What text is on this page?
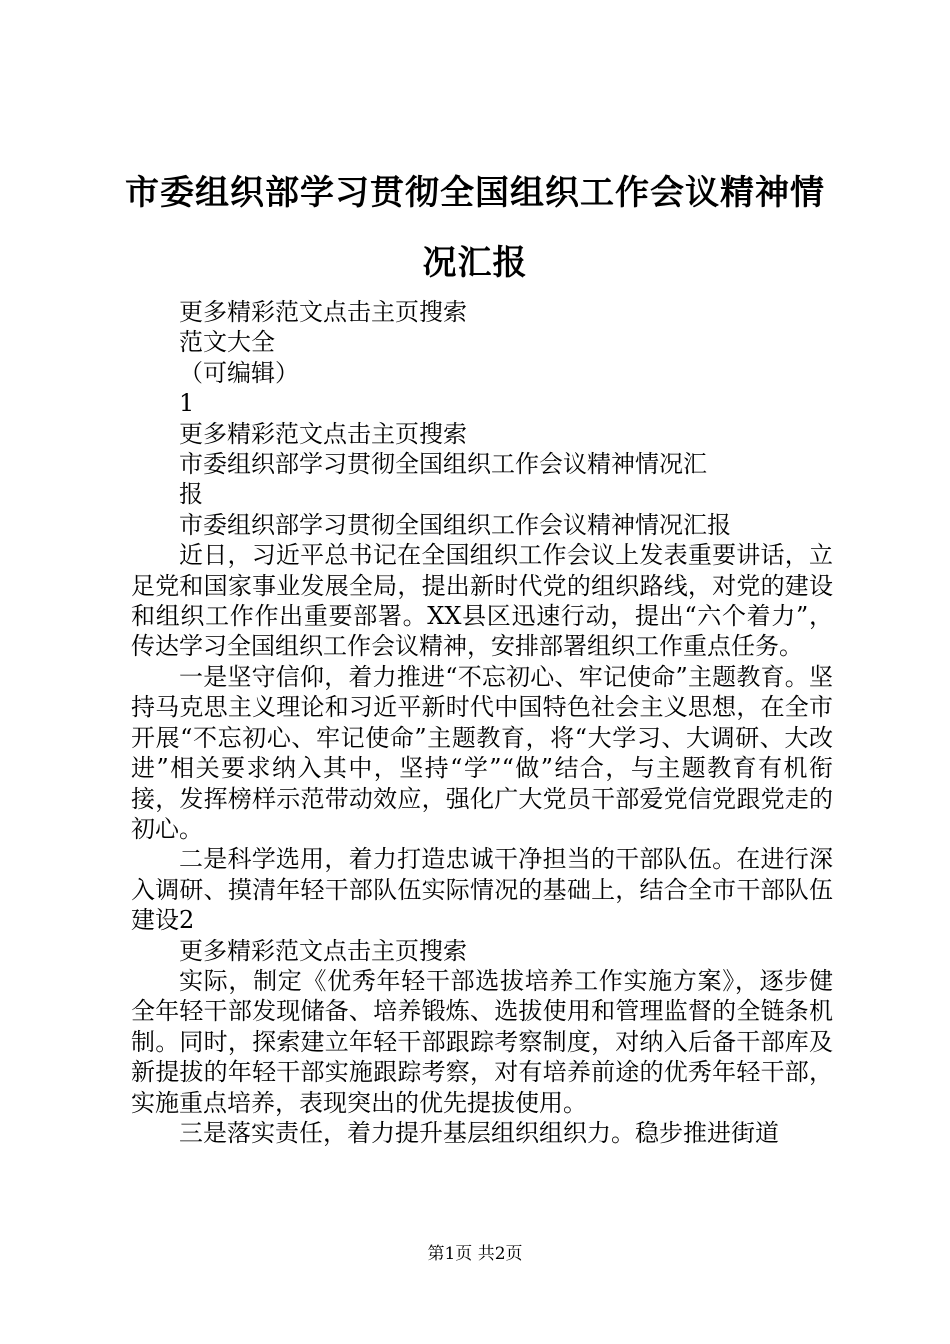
市委组织部学习贯彻全国组织工作会议精神情况汇报
更多精彩范文点击主页搜索
范文大全
（可编辑）
1
更多精彩范文点击主页搜索
市委组织部学习贯彻全国组织工作会议精神情况汇
报
市委组织部学习贯彻全国组织工作会议精神情况汇报

近日，习近平总书记在全国组织工作会议上发表重要讲话，立足党和国家事业发展全局，提出新时代党的组织路线，对党的建设和组织工作作出重要部署。XX县区迅速行动，提出“六个着力”，传达学习全国组织工作会议精神，安排部署组织工作重点任务。

一是坚守信仰，着力推进“不忘初心、牢记使命”主题教育。坚持马克思主义理论和习近平新时代中国特色社会主义思想，在全市开展“不忘初心、牢记使命”主题教育，将“大学习、大调研、大改进”相关要求纳入其中，坚持“学”“做”结合，与主题教育有机衔接，发挥榜样示范带动效应，强化广大党员干部爱党信党跟党走的初心。

二是科学选用，着力打造忠诚干净担当的干部队伍。在进行深入调研、摸清年轻干部队伍实际情况的基础上，结合全市干部队伍建设2

更多精彩范文点击主页搜索

实际，制定《优秀年轻干部选拔培养工作实施方案》，逐步健全年轻干部发现储备、培养锻炼、选拔使用和管理监督的全链条机制。同时，探索建立年轻干部跟踪考察制度，对纳入后备干部库及新提拔的年轻干部实施跟踪考察，对有培养前途的优秀年轻干部，实施重点培养，表现突出的优先提拔使用。

三是落实责任，着力提升基层组织组织力。稳步推进街道

第1页 共2页
